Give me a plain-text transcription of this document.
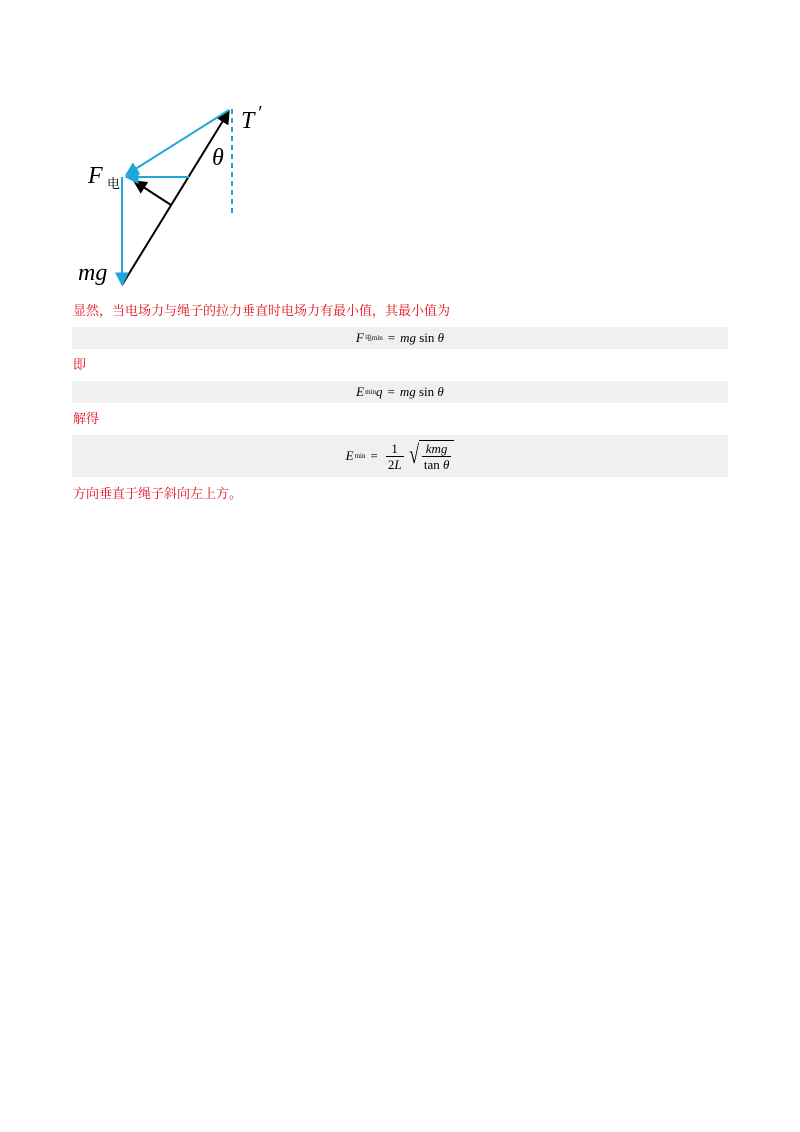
T ′
θ
F 电
mg
显然，当电场力与绳子的拉力垂直时电场力有最小值，其最小值为
F 电min = mg
sin
θ
即
E min q = mg
sin
θ
解得
E $\min = \frac{1}{2L}$ √ $\frac{\text{kmg}}{\text{tan θ}}$
方向垂直于绳子斜向左上方。
